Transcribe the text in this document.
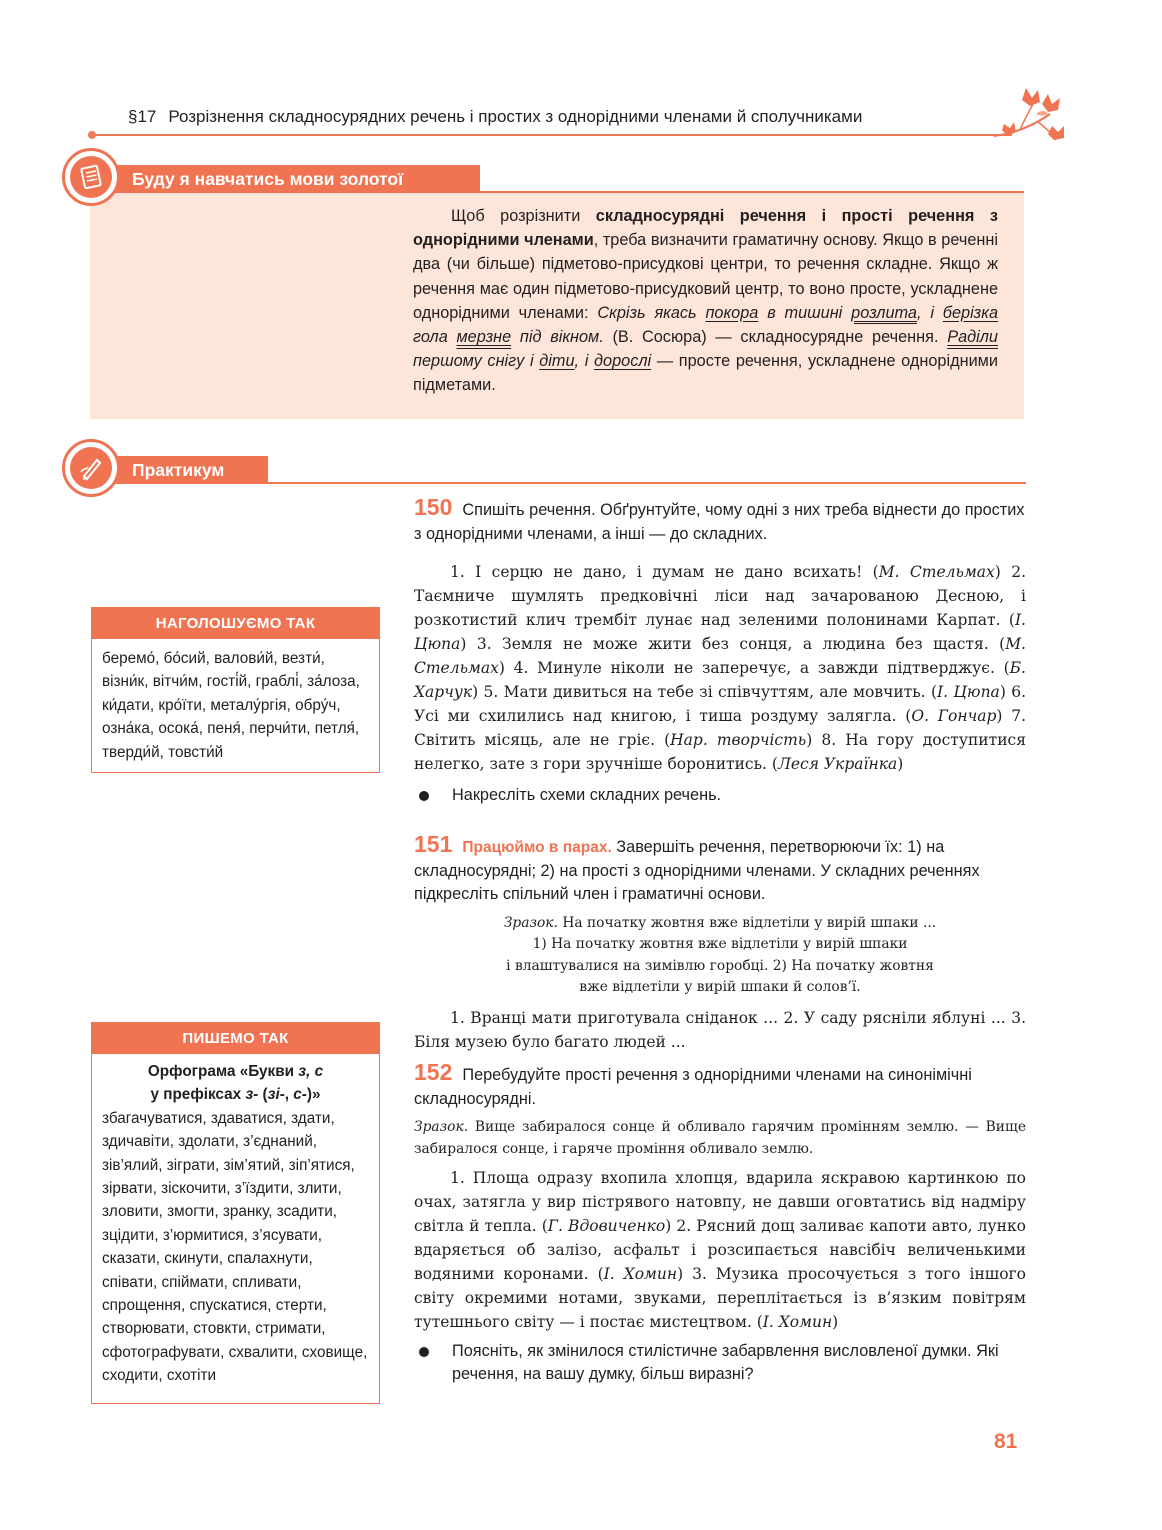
§17 Розрізнення складносурядних речень і простих з однорідними членами й сполучниками
Буду я навчатись мови золотої

Щоб розрізнити складносурядні речення і прості речення з однорідними членами, треба визначити граматичну основу. Якщо в реченні два (чи більше) підметово-присудкові центри, то речення складне. Якщо ж речення має один підметово-присудковий центр, то воно просте, ускладнене однорідними членами: Скрізь якась покора в тишині розлита, і берізка гола мерзне під вікном. (В. Сосюра) — складносурядне речення. Раділи першому снігу і діти, і дорослі — просте речення, ускладнене однорідними підметами.

Практикум
150 Спишіть речення. Обґрунтуйте, чому одні з них треба віднести до простих з однорідними членами, а інші — до складних.

1. І серцю не дано, і думам не дано всихать! (М. Стельмах) 2. Таємниче шумлять предковічні ліси над зачарованою Десною, і розкотистий клич трембіт лунає над зеленими полонинами Карпат. (І. Цюпа) 3. Земля не може жити без сонця, а людина без щастя. (М. Стельмах) 4. Минуле ніколи не заперечує, а завжди підтверджує. (Б. Харчук) 5. Мати дивиться на тебе зі співчуттям, але мовчить. (І. Цюпа) 6. Усі ми схилились над книгою, і тиша роздуму залягла. (О. Гончар) 7. Світить місяць, але не гріє. (Нар. творчість) 8. На гору доступитися нелегко, зате з гори зручніше боронитись. (Леся Українка)

Накресліть схеми складних речень.
151 Працюймо в парах. Завершіть речення, перетворюючи їх: 1) на складносурядні; 2) на прості з однорідними членами. У складних реченнях підкресліть спільний член і граматичні основи.
Зразок. На початку жовтня вже відлетіли у вирій шпаки ...
1) На початку жовтня вже відлетіли у вирій шпаки
і влаштувалися на зимівлю горобці. 2) На початку жовтня
вже відлетіли у вирій шпаки й солов’ї.

1. Вранці мати приготувала сніданок ... 2. У саду рясніли яблуні ... 3. Біля музею було багато людей ...

152 Перебудуйте прості речення з однорідними членами на синонімічні складносурядні.
Зразок. Вище забиралося сонце й обливало гарячим промінням землю. — Вище забиралося сонце, і гаряче проміння обливало землю.

1. Площа одразу вхопила хлопця, вдарила яскравою картинкою по очах, затягла у вир пістрявого натовпу, не давши оговтатись від надміру світла й тепла. (Г. Вдовиченко) 2. Рясний дощ заливає капоти авто, лунко вдаряється об залізо, асфальт і розсипається навсібіч величенькими водяними коронами. (І. Хомин) 3. Музика просочується з того іншого світу окремими нотами, звуками, переплітається із в’язким повітрям тутешнього світу — і постає мистецтвом. (І. Хомин)

Поясніть, як змінилося стилістичне забарвлення висловленої думки. Які речення, на вашу думку, більш виразні?
НАГОЛОШУЄМО ТАК
беремо́, бо́сий, валови́й, везти́, візни́к, вітчи́м, гості́й, граблі́, за́лоза, ки́дати, кро́їти, металу́ргія, обру́ч, озна́ка, осока́, пеня́, перчи́ти, петля́, тверди́й, товсти́й
ПИШЕМО ТАК
Орфограма «Букви з, с
у префіксах з- (зі-, с-)»
збагачуватися, здаватися, здати, здичавіти, здолати, з’єднаний, зів’ялий, зіграти, зім’ятий, зіп’ятися, зірвати, зіскочити, з’їздити, злити, зловити, змогти, зранку, зсадити, зцідити, з’юрмитися, з’ясувати, сказати, скинути, спалахнути, співати, спіймати, спливати, спрощення, спускатися, стерти, створювати, стовкти, стримати, сфотографувати, схвалити, сховище, сходити, схотіти
81
